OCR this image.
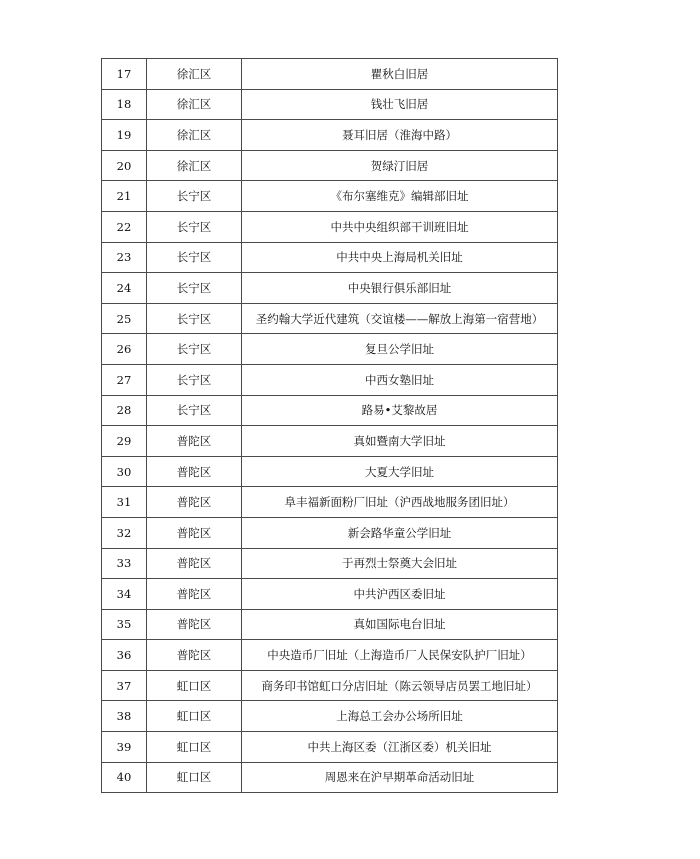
17	徐汇区	瞿秋白旧居
18	徐汇区	钱壮飞旧居
19	徐汇区	聂耳旧居（淮海中路）
20	徐汇区	贺绿汀旧居
21	长宁区	《布尔塞维克》编辑部旧址
22	长宁区	中共中央组织部干训班旧址
23	长宁区	中共中央上海局机关旧址
24	长宁区	中央银行俱乐部旧址
25	长宁区	圣约翰大学近代建筑（交谊楼——解放上海第一宿营地）
26	长宁区	复旦公学旧址
27	长宁区	中西女塾旧址
28	长宁区	路易•艾黎故居
29	普陀区	真如暨南大学旧址
30	普陀区	大夏大学旧址
31	普陀区	阜丰福新面粉厂旧址（沪西战地服务团旧址）
32	普陀区	新会路华童公学旧址
33	普陀区	于再烈士祭奠大会旧址
34	普陀区	中共沪西区委旧址
35	普陀区	真如国际电台旧址
36	普陀区	中央造币厂旧址（上海造币厂人民保安队护厂旧址）
37	虹口区	商务印书馆虹口分店旧址（陈云领导店员罢工地旧址）
38	虹口区	上海总工会办公场所旧址
39	虹口区	中共上海区委（江浙区委）机关旧址
40	虹口区	周恩来在沪早期革命活动旧址
